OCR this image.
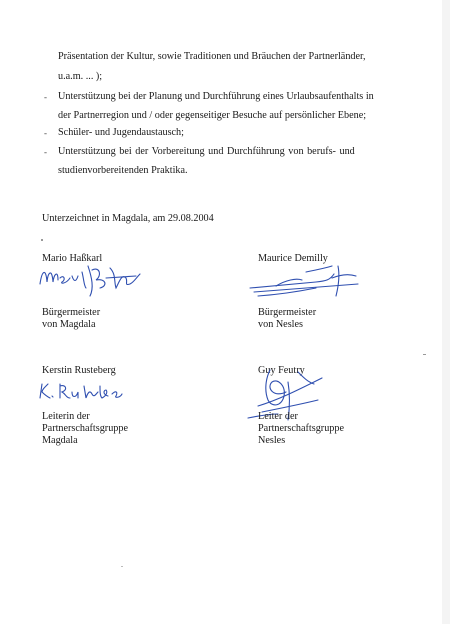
Präsentation der Kultur, sowie Traditionen und Bräuchen der Partnerländer,
u.a.m. ... );
- Unterstützung bei der Planung und Durchführung eines Urlaubsaufenthalts in
der Partnerregion und / oder gegenseitiger Besuche auf persönlicher Ebene;
- Schüler- und Jugendaustausch;
- Unterstützung bei der Vorbereitung und Durchführung von berufs- und
studienvorbereitenden Praktika.
Unterzeichnet in Magdala, am 29.08.2004
Mario Haßkarl
Bürgermeister
von Magdala
Maurice Demilly
Bürgermeister
von Nesles
Kerstin Rusteberg
Leiterin der
Partnerschaftsgruppe
Magdala
Guy Feutry
Leiter der
Partnerschaftsgruppe
Nesles
